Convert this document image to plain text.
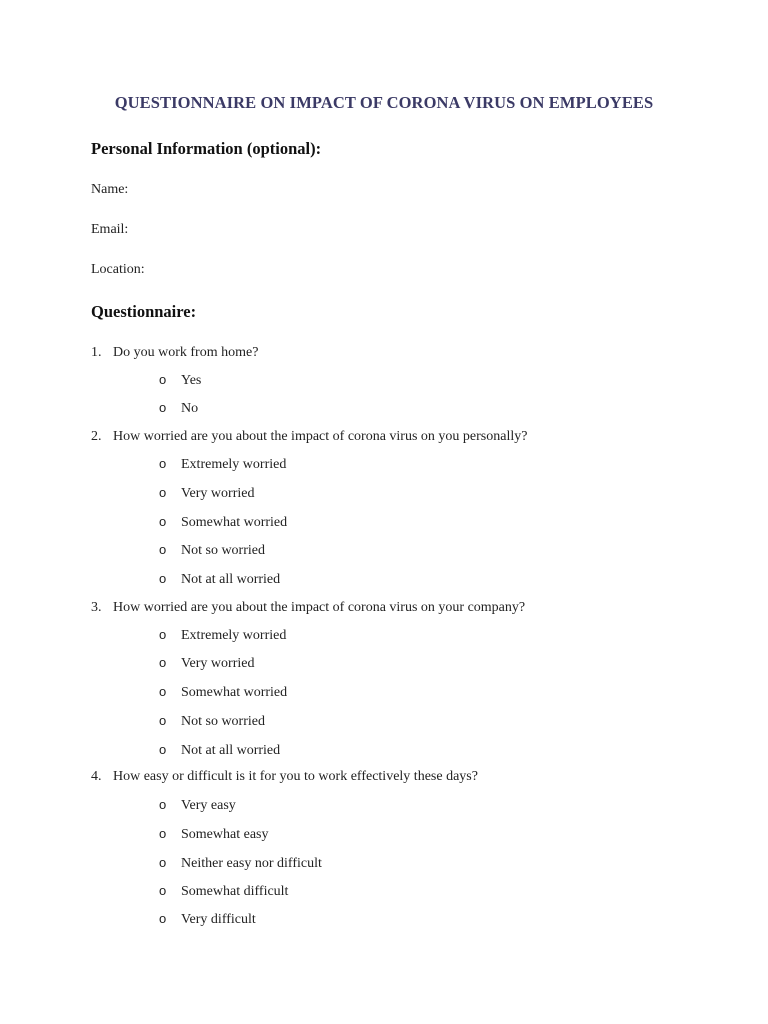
QUESTIONNAIRE ON IMPACT OF CORONA VIRUS ON EMPLOYEES
Personal Information (optional):
Name:
Email:
Location:
Questionnaire:
1. Do you work from home?
o Yes
o No
2. How worried are you about the impact of corona virus on you personally?
o Extremely worried
o Very worried
o Somewhat worried
o Not so worried
o Not at all worried
3. How worried are you about the impact of corona virus on your company?
o Extremely worried
o Very worried
o Somewhat worried
o Not so worried
o Not at all worried
4. How easy or difficult is it for you to work effectively these days?
o Very easy
o Somewhat easy
o Neither easy nor difficult
o Somewhat difficult
o Very difficult
